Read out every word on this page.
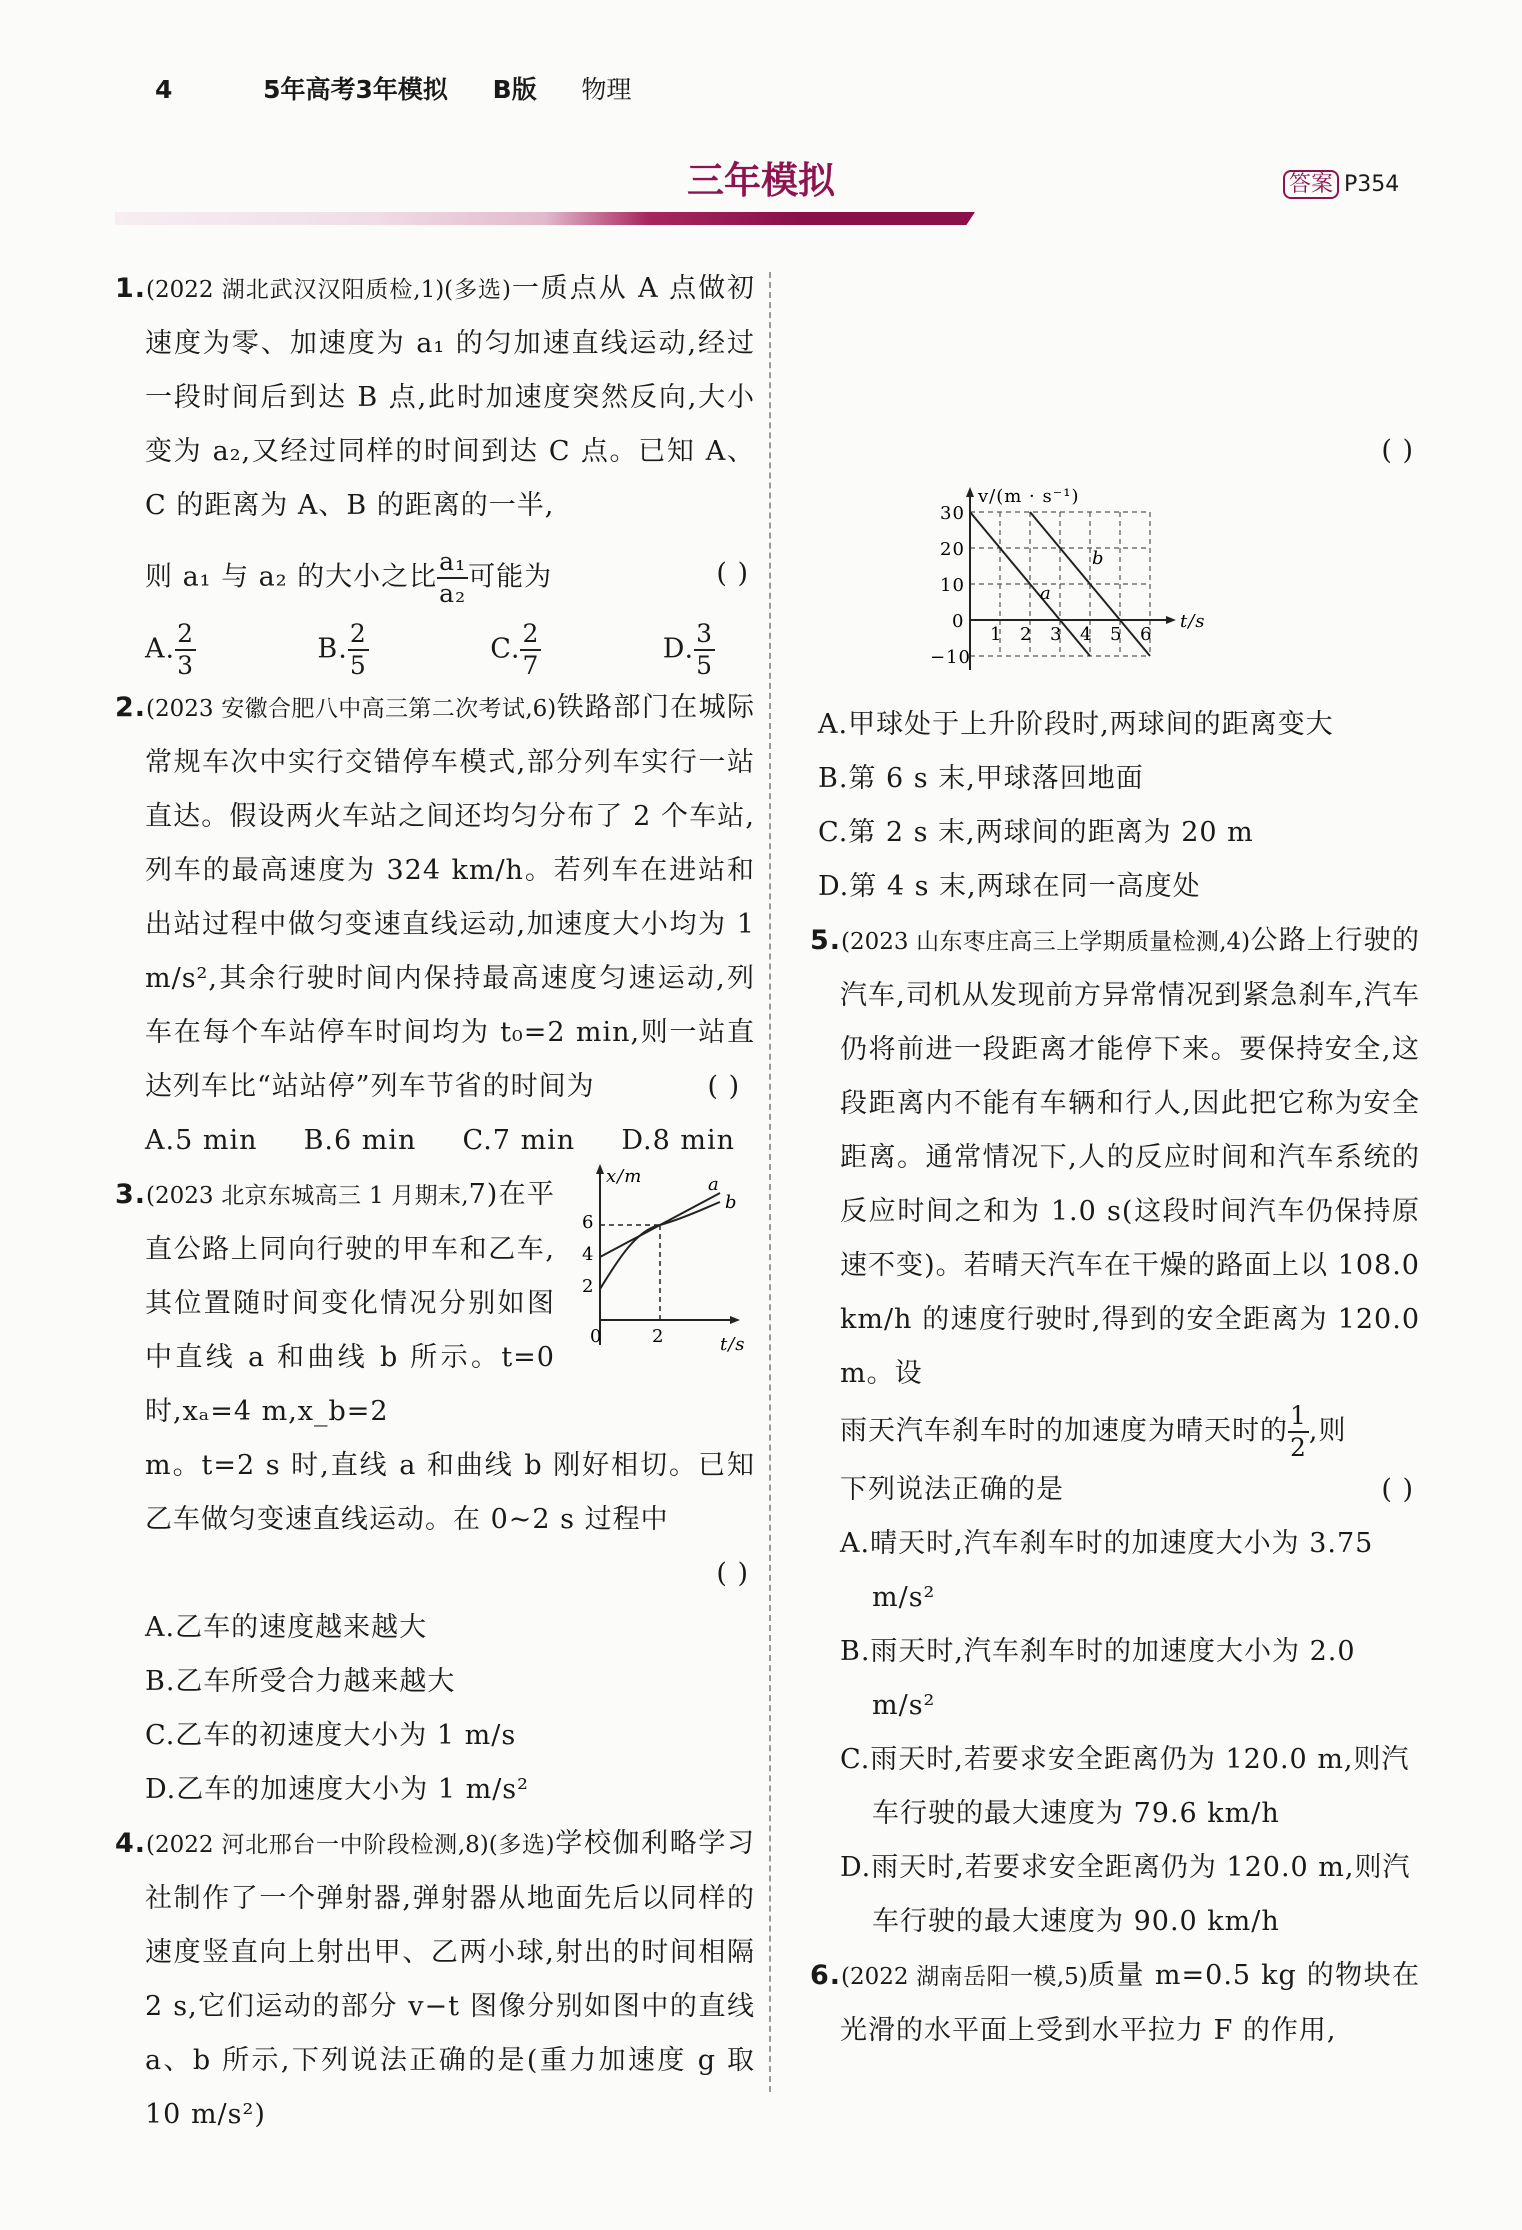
4	5年高考3年模拟 B版 物理
三年模拟	答案 P354

1.(2022 湖北武汉汉阳质检,1)(多选)一质点从 A 点做初速度为零、加速度为 a₁ 的匀加速直线运动,经过一段时间后到达 B 点,此时加速度突然反向,大小变为 a₂,又经过同样的时间到达 C 点。已知 A、C 的距离为 A、B 的距离的一半,

则 a₁ 与 a₂ 的大小之比 $\frac{\text{a₁}}{\text{a₂}}$ 可能为	( )

A. $\frac{2}{3}$	B. $\frac{2}{5}$	C. $\frac{2}{7}$	D. $\frac{3}{5}$

2.(2023 安徽合肥八中高三第二次考试,6)铁路部门在城际常规车次中实行交错停车模式,部分列车实行一站直达。假设两火车站之间还均匀分布了 2 个车站,列车的最高速度为 324 km/h。若列车在进站和出站过程中做匀变速直线运动,加速度大小均为 1 m/s²,其余行驶时间内保持最高速度匀速运动,列车在每个车站停车时间均为 t₀=2 min,则一站直达列车比“站站停”列车节省的时间为	( )

A.5 min B.6 min C.7 min D.8 min

3.(2023 北京东城高三 1 月期末,7)在平直公路上同向行驶的甲车和乙车,其位置随时间变化情况分别如图中直线 a 和曲线 b 所示。t=0 时,xₐ=4 m,x_b=2

m。t=2 s 时,直线 a 和曲线 b 刚好相切。已知乙车做匀变速直线运动。在 0~2 s 过程中

( )

A.乙车的速度越来越大

B.乙车所受合力越来越大

C.乙车的初速度大小为 1 m/s

D.乙车的加速度大小为 1 m/s²

x/m
t/s
2
4
6
0	2
a
b

4.(2022 河北邢台一中阶段检测,8)(多选)学校伽利略学习社制作了一个弹射器,弹射器从地面先后以同样的速度竖直向上射出甲、乙两小球,射出的时间相隔 2 s,它们运动的部分 v−t 图像分别如图中的直线 a、b 所示,下列说法正确的是(重力加速度 g 取 10 m/s²)

( )

v/(m · s⁻¹)
t/s
30
20
10
0
−10
1 2 3 4 5 6
a
b

A.甲球处于上升阶段时,两球间的距离变大

B.第 6 s 末,甲球落回地面

C.第 2 s 末,两球间的距离为 20 m

D.第 4 s 末,两球在同一高度处

5.(2023 山东枣庄高三上学期质量检测,4)公路上行驶的汽车,司机从发现前方异常情况到紧急刹车,汽车仍将前进一段距离才能停下来。要保持安全,这段距离内不能有车辆和行人,因此把它称为安全距离。通常情况下,人的反应时间和汽车系统的反应时间之和为 1.0 s(这段时间汽车仍保持原速不变)。若晴天汽车在干燥的路面上以 108.0 km/h 的速度行驶时,得到的安全距离为 120.0 m。设

雨天汽车刹车时的加速度为晴天时的 $\frac{1}{2}$ ,则

下列说法正确的是	( )

A.晴天时,汽车刹车时的加速度大小为 3.75 m/s²

B.雨天时,汽车刹车时的加速度大小为 2.0 m/s²

C.雨天时,若要求安全距离仍为 120.0 m,则汽车行驶的最大速度为 79.6 km/h

D.雨天时,若要求安全距离仍为 120.0 m,则汽车行驶的最大速度为 90.0 km/h

6.(2022 湖南岳阳一模,5)质量 m=0.5 kg 的物块在光滑的水平面上受到水平拉力 F 的作用,
